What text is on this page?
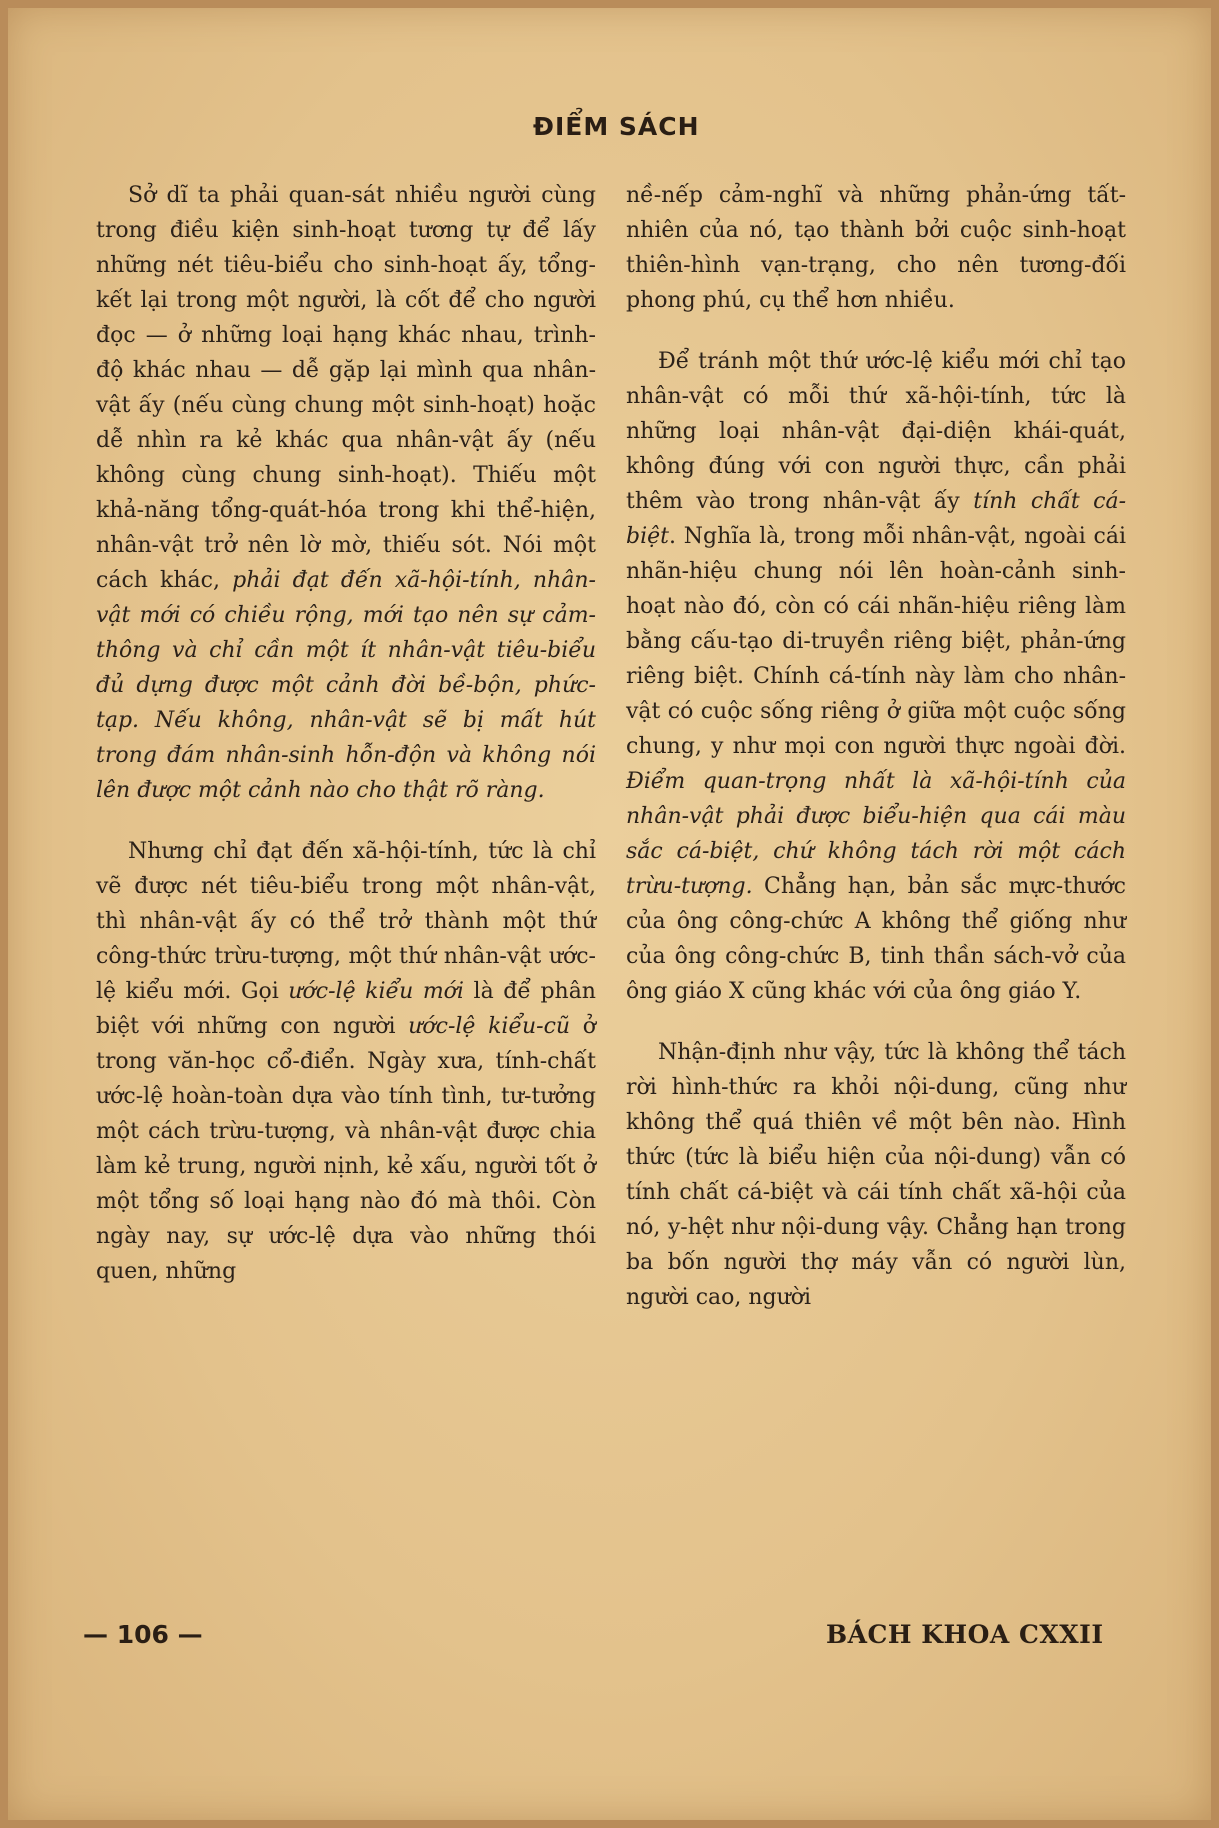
ĐIỂM SÁCH

Sở dĩ ta phải quan-sát nhiều người cùng trong điều kiện sinh-hoạt tương tự để lấy những nét tiêu-biểu cho sinh-hoạt ấy, tổng-kết lại trong một người, là cốt để cho người đọc — ở những loại hạng khác nhau, trình-độ khác nhau — dễ gặp lại mình qua nhân-vật ấy (nếu cùng chung một sinh-hoạt) hoặc dễ nhìn ra kẻ khác qua nhân-vật ấy (nếu không cùng chung sinh-hoạt). Thiếu một khả-năng tổng-quát-hóa trong khi thể-hiện, nhân-vật trở nên lờ mờ, thiếu sót. Nói một cách khác, phải đạt đến xã-hội-tính, nhân-vật mới có chiều rộng, mới tạo nên sự cảm-thông và chỉ cần một ít nhân-vật tiêu-biểu đủ dựng được một cảnh đời bề-bộn, phức-tạp. Nếu không, nhân-vật sẽ bị mất hút trong đám nhân-sinh hỗn-độn và không nói lên được một cảnh nào cho thật rõ ràng.

Nhưng chỉ đạt đến xã-hội-tính, tức là chỉ vẽ được nét tiêu-biểu trong một nhân-vật, thì nhân-vật ấy có thể trở thành một thứ công-thức trừu-tượng, một thứ nhân-vật ước-lệ kiểu mới. Gọi ước-lệ kiểu mới là để phân biệt với những con người ước-lệ kiểu-cũ ở trong văn-học cổ-điển. Ngày xưa, tính-chất ước-lệ hoàn-toàn dựa vào tính tình, tư-tưởng một cách trừu-tượng, và nhân-vật được chia làm kẻ trung, người nịnh, kẻ xấu, người tốt ở một tổng số loại hạng nào đó mà thôi. Còn ngày nay, sự ước-lệ dựa vào những thói quen, những

nề-nếp cảm-nghĩ và những phản-ứng tất-nhiên của nó, tạo thành bởi cuộc sinh-hoạt thiên-hình vạn-trạng, cho nên tương-đối phong phú, cụ thể hơn nhiều.

Để tránh một thứ ước-lệ kiểu mới chỉ tạo nhân-vật có mỗi thứ xã-hội-tính, tức là những loại nhân-vật đại-diện khái-quát, không đúng với con người thực, cần phải thêm vào trong nhân-vật ấy tính chất cá-biệt. Nghĩa là, trong mỗi nhân-vật, ngoài cái nhãn-hiệu chung nói lên hoàn-cảnh sinh-hoạt nào đó, còn có cái nhãn-hiệu riêng làm bằng cấu-tạo di-truyền riêng biệt, phản-ứng riêng biệt. Chính cá-tính này làm cho nhân-vật có cuộc sống riêng ở giữa một cuộc sống chung, y như mọi con người thực ngoài đời. Điểm quan-trọng nhất là xã-hội-tính của nhân-vật phải được biểu-hiện qua cái màu sắc cá-biệt, chứ không tách rời một cách trừu-tượng. Chẳng hạn, bản sắc mực-thước của ông công-chức A không thể giống như của ông công-chức B, tinh thần sách-vở của ông giáo X cũng khác với của ông giáo Y.

Nhận-định như vậy, tức là không thể tách rời hình-thức ra khỏi nội-dung, cũng như không thể quá thiên về một bên nào. Hình thức (tức là biểu hiện của nội-dung) vẫn có tính chất cá-biệt và cái tính chất xã-hội của nó, y-hệt như nội-dung vậy. Chẳng hạn trong ba bốn người thợ máy vẫn có người lùn, người cao, người

— 106 —	BÁCH KHOA CXXII
